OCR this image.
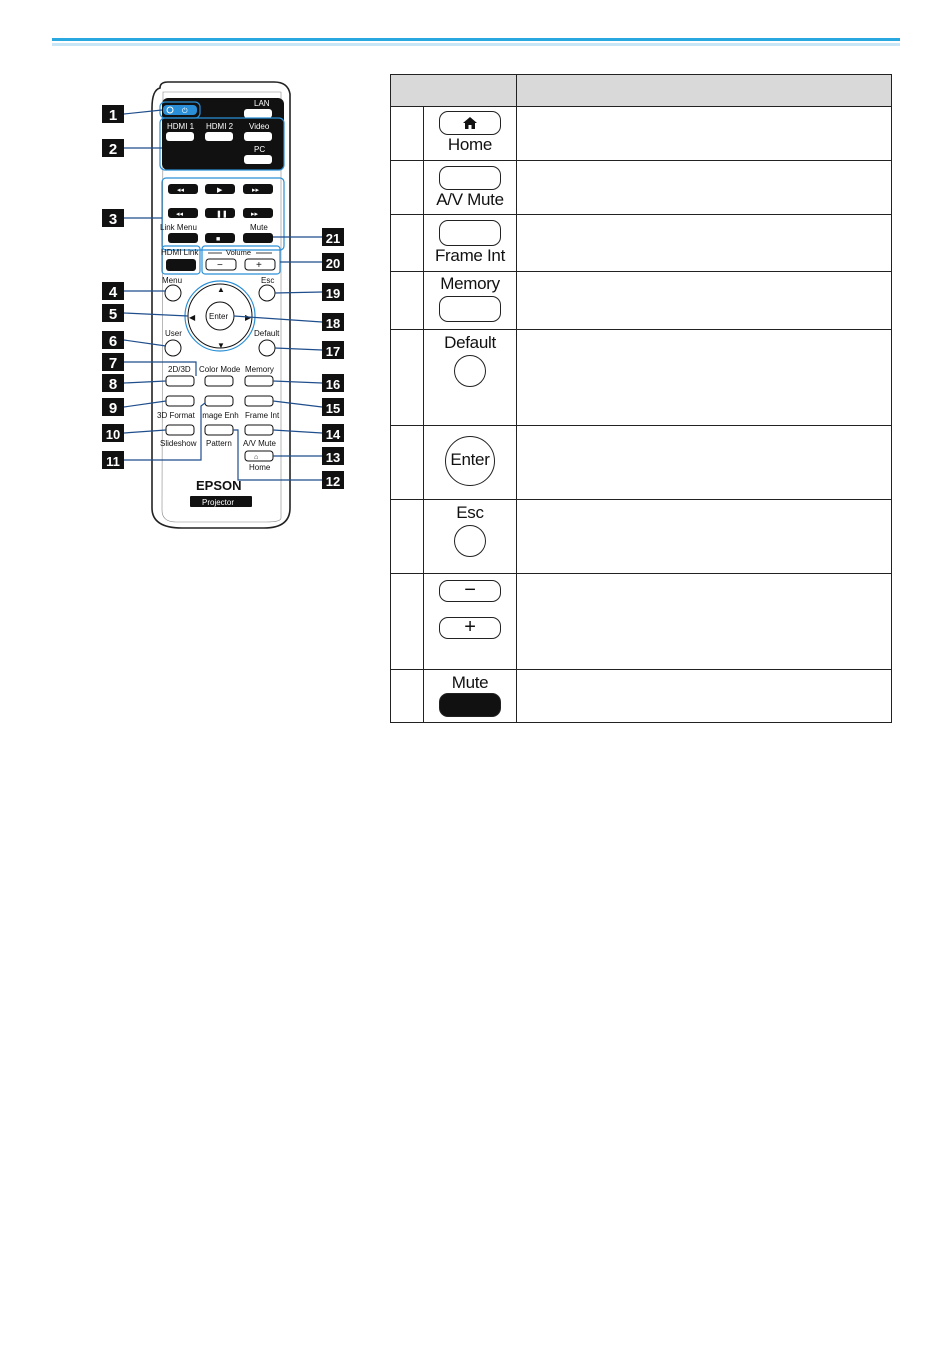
⏻
LAN
HDMI 1 HDMI 2 Video
PC
◂◂	▶	▸▸
◂◂	❚❚	▸▸
Link Menu
■
Mute
HDMI Link	Volume
−	+
Menu	Esc
Enter
▲
▼
◀	▶
User	Default
2D/3D Color Mode Memory
3D Format Image Enh Frame Int
Slideshow Pattern A/V Mute
⌂
Home
EPSON
Projector
1
2
3
4
5
6
7
8
9
10
11
12
13
14
15
16
17
18
19
20
21

	Home	

	A/V Mute	

	Frame Int	

	Memory	

	Default	

	Enter	

	Esc	

	−
+	

	Mute	
